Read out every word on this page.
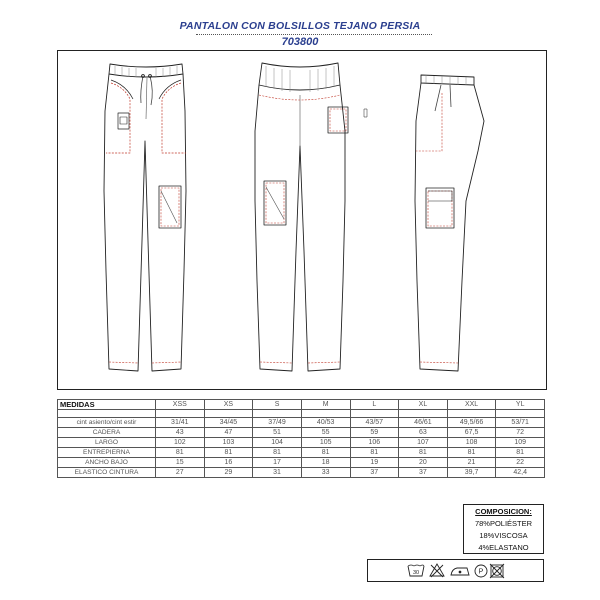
PANTALON CON BOLSILLOS TEJANO PERSIA
703800
MEDIDAS	XSS	XS	S	M	L	XL	XXL	YL

cint asiento/cint estir	31/41	34/45	37/49	40/53	43/57	46/61	49,5/66	53/71
CADERA	43	47	51	55	59	63	67,5	72
LARGO	102	103	104	105	106	107	108	109
ENTREPIERNA	81	81	81	81	81	81	81	81
ANCHO BAJO	15	16	17	18	19	20	21	22
ELASTICO CINTURA	27	29	31	33	37	37	39,7	42,4
COMPOSICION:
78%POLIÉSTER
18%VISCOSA
4%ELASTANO
30	P
